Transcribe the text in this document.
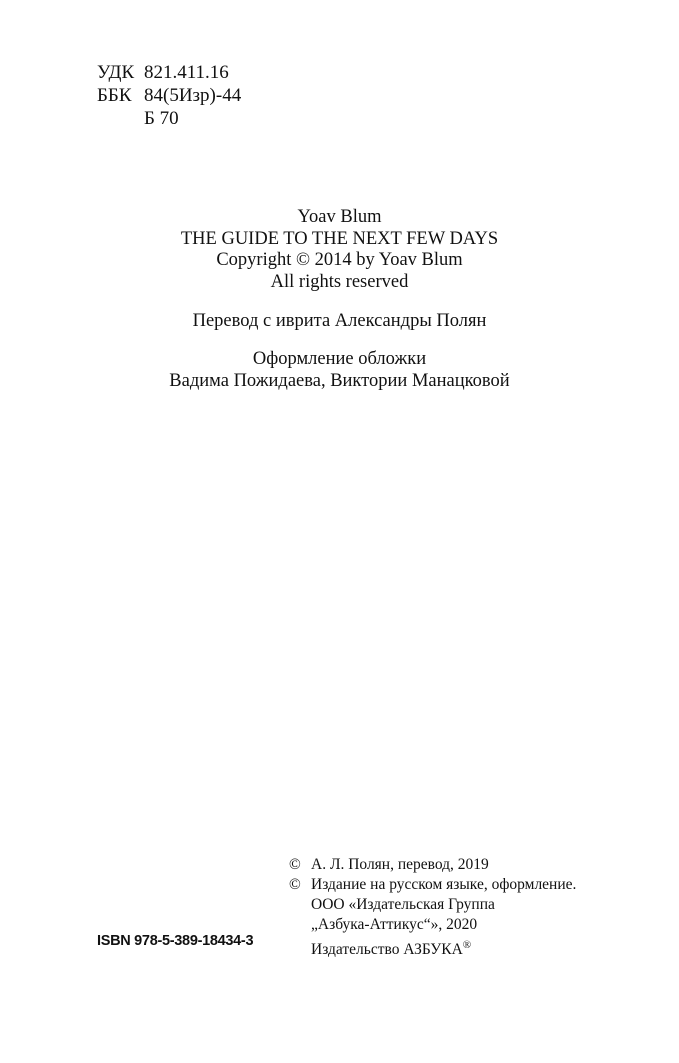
УДК 821.411.16
ББК 84(5Изр)-44
Б 70
Yoav Blum
THE GUIDE TO THE NEXT FEW DAYS
Copyright © 2014 by Yoav Blum
All rights reserved
Перевод с иврита Александры Полян
Оформление обложки
Вадима Пожидаева, Виктории Манацковой
© А. Л. Полян, перевод, 2019
© Издание на русском языке, оформление.
ООО «Издательская Группа
„Азбука-Аттикус“», 2020
Издательство АЗБУКА®
ISBN 978-5-389-18434-3
